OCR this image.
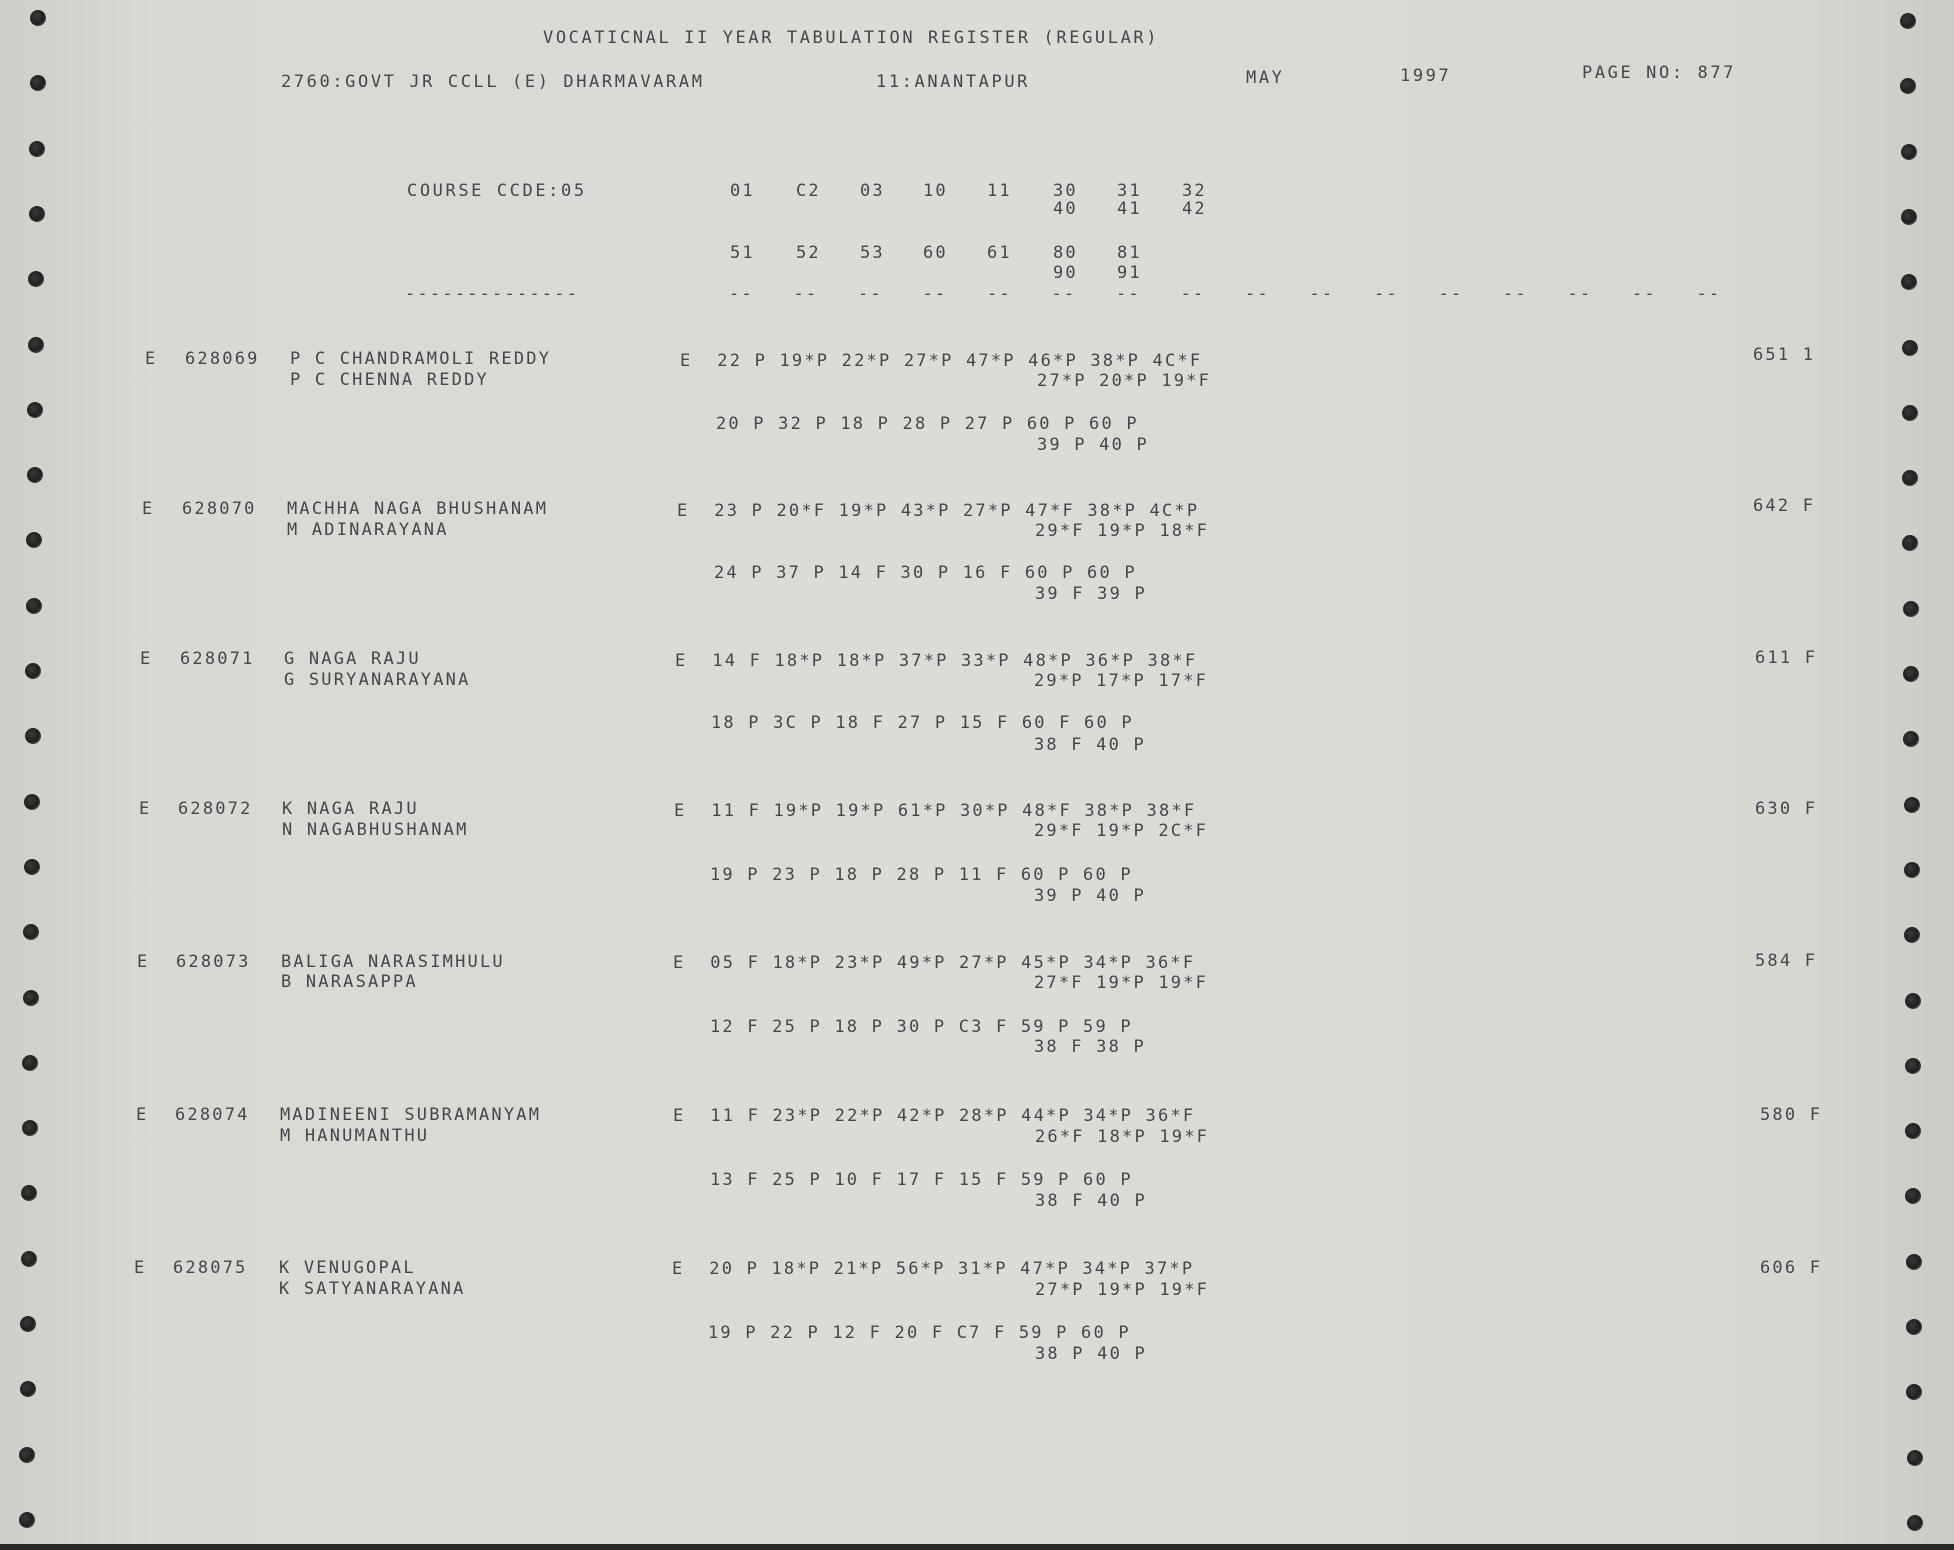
VOCATICNAL II YEAR TABULATION REGISTER (REGULAR)
2760:GOVT JR CCLL (E) DHARMAVARAM	11:ANANTAPUR	MAY	1997	PAGE NO: 877
COURSE CCDE:05	01 C2 03 10 11 30 31 32
40 41 42
51 52 53 60 61 80 81
90 91
--------------	-- -- -- -- -- -- -- -- -- -- -- -- -- -- -- --
E 628069 P C CHANDRAMOLI REDDY
P C CHENNA REDDY
E  22 P 19*P 22*P 27*P 47*P 46*P 38*P 4C*F
27*P 20*P 19*F
20 P 32 P 18 P 28 P 27 P 60 P 60 P
39 P 40 P
651 1
E 628070 MACHHA NAGA BHUSHANAM
M ADINARAYANA
E  23 P 20*F 19*P 43*P 27*P 47*F 38*P 4C*P
29*F 19*P 18*F
24 P 37 P 14 F 30 P 16 F 60 P 60 P
39 F 39 P
642 F
E 628071 G NAGA RAJU
G SURYANARAYANA
E  14 F 18*P 18*P 37*P 33*P 48*P 36*P 38*F
29*P 17*P 17*F
18 P 3C P 18 F 27 P 15 F 60 F 60 P
38 F 40 P
611 F
E 628072 K NAGA RAJU
N NAGABHUSHANAM
E  11 F 19*P 19*P 61*P 30*P 48*F 38*P 38*F
29*F 19*P 2C*F
19 P 23 P 18 P 28 P 11 F 60 P 60 P
39 P 40 P
630 F
E 628073 BALIGA NARASIMHULU
B NARASAPPA
E  05 F 18*P 23*P 49*P 27*P 45*P 34*P 36*F
27*F 19*P 19*F
12 F 25 P 18 P 30 P C3 F 59 P 59 P
38 F 38 P
584 F
E 628074 MADINEENI SUBRAMANYAM
M HANUMANTHU
E  11 F 23*P 22*P 42*P 28*P 44*P 34*P 36*F
26*F 18*P 19*F
13 F 25 P 10 F 17 F 15 F 59 P 60 P
38 F 40 P
580 F
E 628075 K VENUGOPAL
K SATYANARAYANA
E  20 P 18*P 21*P 56*P 31*P 47*P 34*P 37*P
27*P 19*P 19*F
19 P 22 P 12 F 20 F C7 F 59 P 60 P
38 P 40 P
606 F
